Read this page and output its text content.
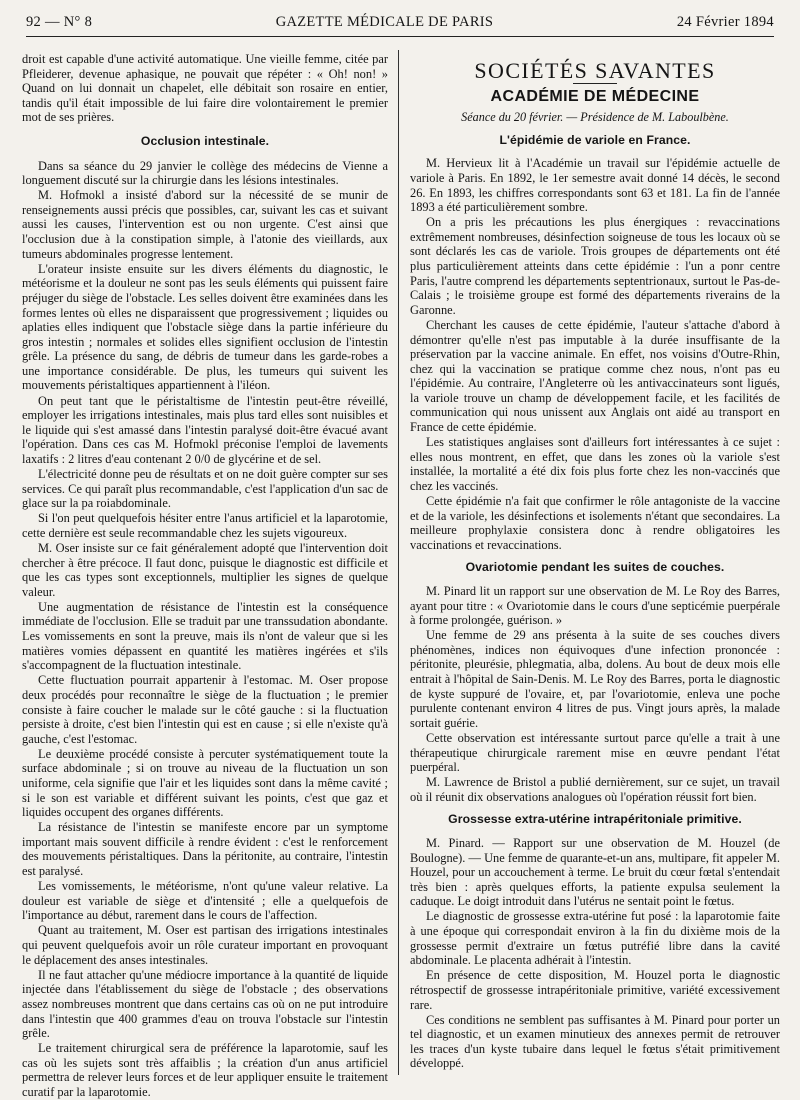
92 — N° 8	GAZETTE MÉDICALE DE PARIS	24 Février 1894

droit est capable d'une activité automatique. Une vieille femme, citée par Pfleiderer, devenue aphasique, ne pouvait que répéter : « Oh! non! » Quand on lui donnait un chapelet, elle débitait son rosaire en entier, tandis qu'il était impossible de lui faire dire volontairement le premier mot de ses prières.

Occlusion intestinale.

Dans sa séance du 29 janvier le collège des médecins de Vienne a longuement discuté sur la chirurgie dans les lésions intestinales.

M. Hofmokl a insisté d'abord sur la nécessité de se munir de renseignements aussi précis que possibles, car, suivant les cas et suivant aussi les causes, l'intervention est ou non urgente. C'est ainsi que l'occlusion due à la constipation simple, à l'atonie des vieillards, aux tumeurs abdominales progresse lentement.

L'orateur insiste ensuite sur les divers éléments du diagnostic, le météorisme et la douleur ne sont pas les seuls éléments qui puissent faire préjuger du siège de l'obstacle. Les selles doivent être examinées dans les formes lentes où elles ne disparaissent que progressivement ; liquides ou aplaties elles indiquent que l'obstacle siège dans la partie inférieure du gros intestin ; normales et solides elles signifient occlusion de l'intestin grêle. La présence du sang, de débris de tumeur dans les garde-robes a une importance considérable. De plus, les tumeurs qui suivent les mouvements péristaltiques appartiennent à l'iléon.

On peut tant que le péristaltisme de l'intestin peut-être réveillé, employer les irrigations intestinales, mais plus tard elles sont nuisibles et le liquide qui s'est amassé dans l'intestin paralysé doit-être évacué avant l'opération. Dans ces cas M. Hofmokl préconise l'emploi de lavements laxatifs : 2 litres d'eau contenant 2 0/0 de glycérine et de sel.

L'électricité donne peu de résultats et on ne doit guère compter sur ses services. Ce qui paraît plus recommandable, c'est l'application d'un sac de glace sur la pa roiabdominale.

Si l'on peut quelquefois hésiter entre l'anus artificiel et la laparotomie, cette dernière est seule recommandable chez les sujets vigoureux.

M. Oser insiste sur ce fait généralement adopté que l'intervention doit chercher à être précoce. Il faut donc, puisque le diagnostic est difficile et que les cas types sont exceptionnels, multiplier les signes de quelque valeur.

Une augmentation de résistance de l'intestin est la conséquence immédiate de l'occlusion. Elle se traduit par une transsudation abondante. Les vomissements en sont la preuve, mais ils n'ont de valeur que si les matières vomies dépassent en quantité les matières ingérées et s'ils s'accompagnent de la fluctuation intestinale.

Cette fluctuation pourrait appartenir à l'estomac. M. Oser propose deux procédés pour reconnaître le siège de la fluctuation ; le premier consiste à faire coucher le malade sur le côté gauche : si la fluctuation persiste à droite, c'est bien l'intestin qui est en cause ; si elle n'existe qu'à gauche, c'est l'estomac.

Le deuxième procédé consiste à percuter systématiquement toute la surface abdominale ; si on trouve au niveau de la fluctuation un son uniforme, cela signifie que l'air et les liquides sont dans la même cavité ; si le son est variable et différent suivant les points, c'est que gaz et liquides occupent des organes différents.

La résistance de l'intestin se manifeste encore par un symptome important mais souvent difficile à rendre évident : c'est le renforcement des mouvements péristaltiques. Dans la péritonite, au contraire, l'intestin est paralysé.

Les vomissements, le météorisme, n'ont qu'une valeur relative. La douleur est variable de siège et d'intensité ; elle a quelquefois de l'importance au début, rarement dans le cours de l'affection.

Quant au traitement, M. Oser est partisan des irrigations intestinales qui peuvent quelquefois avoir un rôle curateur important en provoquant le déplacement des anses intestinales.

Il ne faut attacher qu'une médiocre importance à la quantité de liquide injectée dans l'établissement du siège de l'obstacle ; des observations assez nombreuses montrent que dans certains cas où on ne put introduire dans l'intestin que 400 grammes d'eau on trouva l'obstacle sur l'intestin grêle.

Le traitement chirurgical sera de préférence la laparotomie, sauf les cas où les sujets sont très affaiblis ; la création d'un anus artificiel permettra de relever leurs forces et de leur appliquer ensuite le traitement curatif par la laparotomie.

SOCIÉTÉS SAVANTES
ACADÉMIE DE MÉDECINE

Séance du 20 février. — Présidence de M. Laboulbène.

L'épidémie de variole en France.

M. Hervieux lit à l'Académie un travail sur l'épidémie actuelle de variole à Paris. En 1892, le 1er semestre avait donné 14 décès, le second 26. En 1893, les chiffres correspondants sont 63 et 181. La fin de l'année 1893 a été particulièrement sombre.

On a pris les précautions les plus énergiques : revaccinations extrêmement nombreuses, désinfection soigneuse de tous les locaux où se sont déclarés les cas de variole. Trois groupes de départements ont été plus particulièrement atteints dans cette épidémie : l'un a ponr centre Paris, l'autre comprend les départements septentrionaux, surtout le Pas-de-Calais ; le troisième groupe est formé des départements riverains de la Garonne.

Cherchant les causes de cette épidémie, l'auteur s'attache d'abord à démontrer qu'elle n'est pas imputable à la durée insuffisante de la préservation par la vaccine animale. En effet, nos voisins d'Outre-Rhin, chez qui la vaccination se pratique comme chez nous, n'ont pas eu l'épidémie. Au contraire, l'Angleterre où les antivaccinateurs sont ligués, la variole trouve un champ de développement facile, et les facilités de communication qui nous unissent aux Anglais ont aidé au transport en France de cette épidémie.

Les statistiques anglaises sont d'ailleurs fort intéressantes à ce sujet : elles nous montrent, en effet, que dans les zones où la variole s'est installée, la mortalité a été dix fois plus forte chez les non-vaccinés que chez les vaccinés.

Cette épidémie n'a fait que confirmer le rôle antagoniste de la vaccine et de la variole, les désinfections et isolements n'étant que secondaires. La meilleure prophylaxie consistera donc à rendre obligatoires les vaccinations et revaccinations.

Ovariotomie pendant les suites de couches.

M. Pinard lit un rapport sur une observation de M. Le Roy des Barres, ayant pour titre : « Ovariotomie dans le cours d'une septicémie puerpérale à forme prolongée, guérison. »

Une femme de 29 ans présenta à la suite de ses couches divers phénomènes, indices non équivoques d'une infection prononcée : péritonite, pleurésie, phlegmatia, alba, dolens. Au bout de deux mois elle entrait à l'hôpital de Sain-Denis. M. Le Roy des Barres, porta le diagnostic de kyste suppuré de l'ovaire, et, par l'ovariotomie, enleva une poche purulente contenant environ 4 litres de pus. Vingt jours après, la malade sortait guérie.

Cette observation est intéressante surtout parce qu'elle a trait à une thérapeutique chirurgicale rarement mise en œuvre pendant l'état puerpéral.

M. Lawrence de Bristol a publié dernièrement, sur ce sujet, un travail où il réunit dix observations analogues où l'opération réussit fort bien.

Grossesse extra-utérine intrapéritoniale primitive.

M. Pinard. — Rapport sur une observation de M. Houzel (de Boulogne). — Une femme de quarante-et-un ans, multipare, fit appeler M. Houzel, pour un accouchement à terme. Le bruit du cœur fœtal s'entendait très bien : après quelques efforts, la patiente expulsa seulement la caduque. Le doigt introduit dans l'utérus ne sentait point le fœtus.

Le diagnostic de grossesse extra-utérine fut posé : la laparotomie faite à une époque qui correspondait environ à la fin du dixième mois de la grossesse permit d'extraire un fœtus putréfié libre dans la cavité abdominale. Le placenta adhérait à l'intestin.

En présence de cette disposition, M. Houzel porta le diagnostic rétrospectif de grossesse intrapéritoniale primitive, variété excessivement rare.

Ces conditions ne semblent pas suffisantes à M. Pinard pour porter un tel diagnostic, et un examen minutieux des annexes permit de retrouver les traces d'un kyste tubaire dans lequel le fœtus s'était primitivement développé.
